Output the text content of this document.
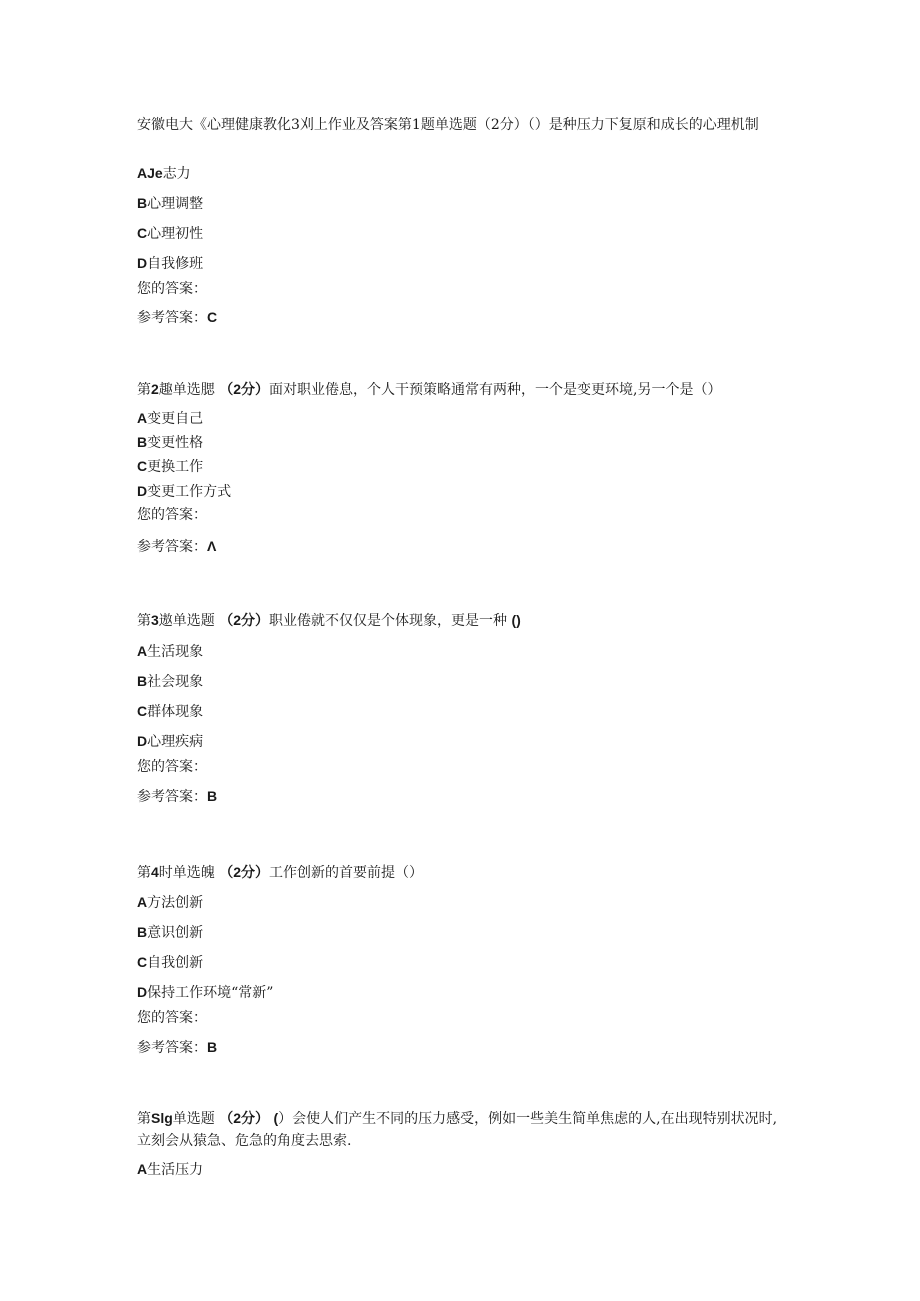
安徽电大《心理健康教化3刈上作业及答案第1题单选题（2分）（）是种压力下复原和成长的心理机制
AJe志力
B心理调整
C心理初性
D自我修班
您的答案：
参考答案：C
第2趣单选腮 （2分）面对职业倦息，个人干预策略通常有两种，一个是变更环境,另一个是（）
A变更自己
B变更性格
C更换工作
D变更工作方式
您的答案：
参考答案：Λ
第3遨单选题 （2分）职业倦就不仅仅是个体现象，更是一种 ()
A生活现象
B社会现象
C群体现象
D心理疾病
您的答案：
参考答案：B
第4时单选魄 （2分）工作创新的首要前提（）
A方法创新
B意识创新
C自我创新
D保持工作环境“常新”
您的答案：
参考答案：B
第Slg单选题 （2分） (）会使人们产生不同的压力感受，例如一些美生简单焦虑的人,在出现特别状况时,立刻会从猿急、危急的角度去思索.
A生活压力
